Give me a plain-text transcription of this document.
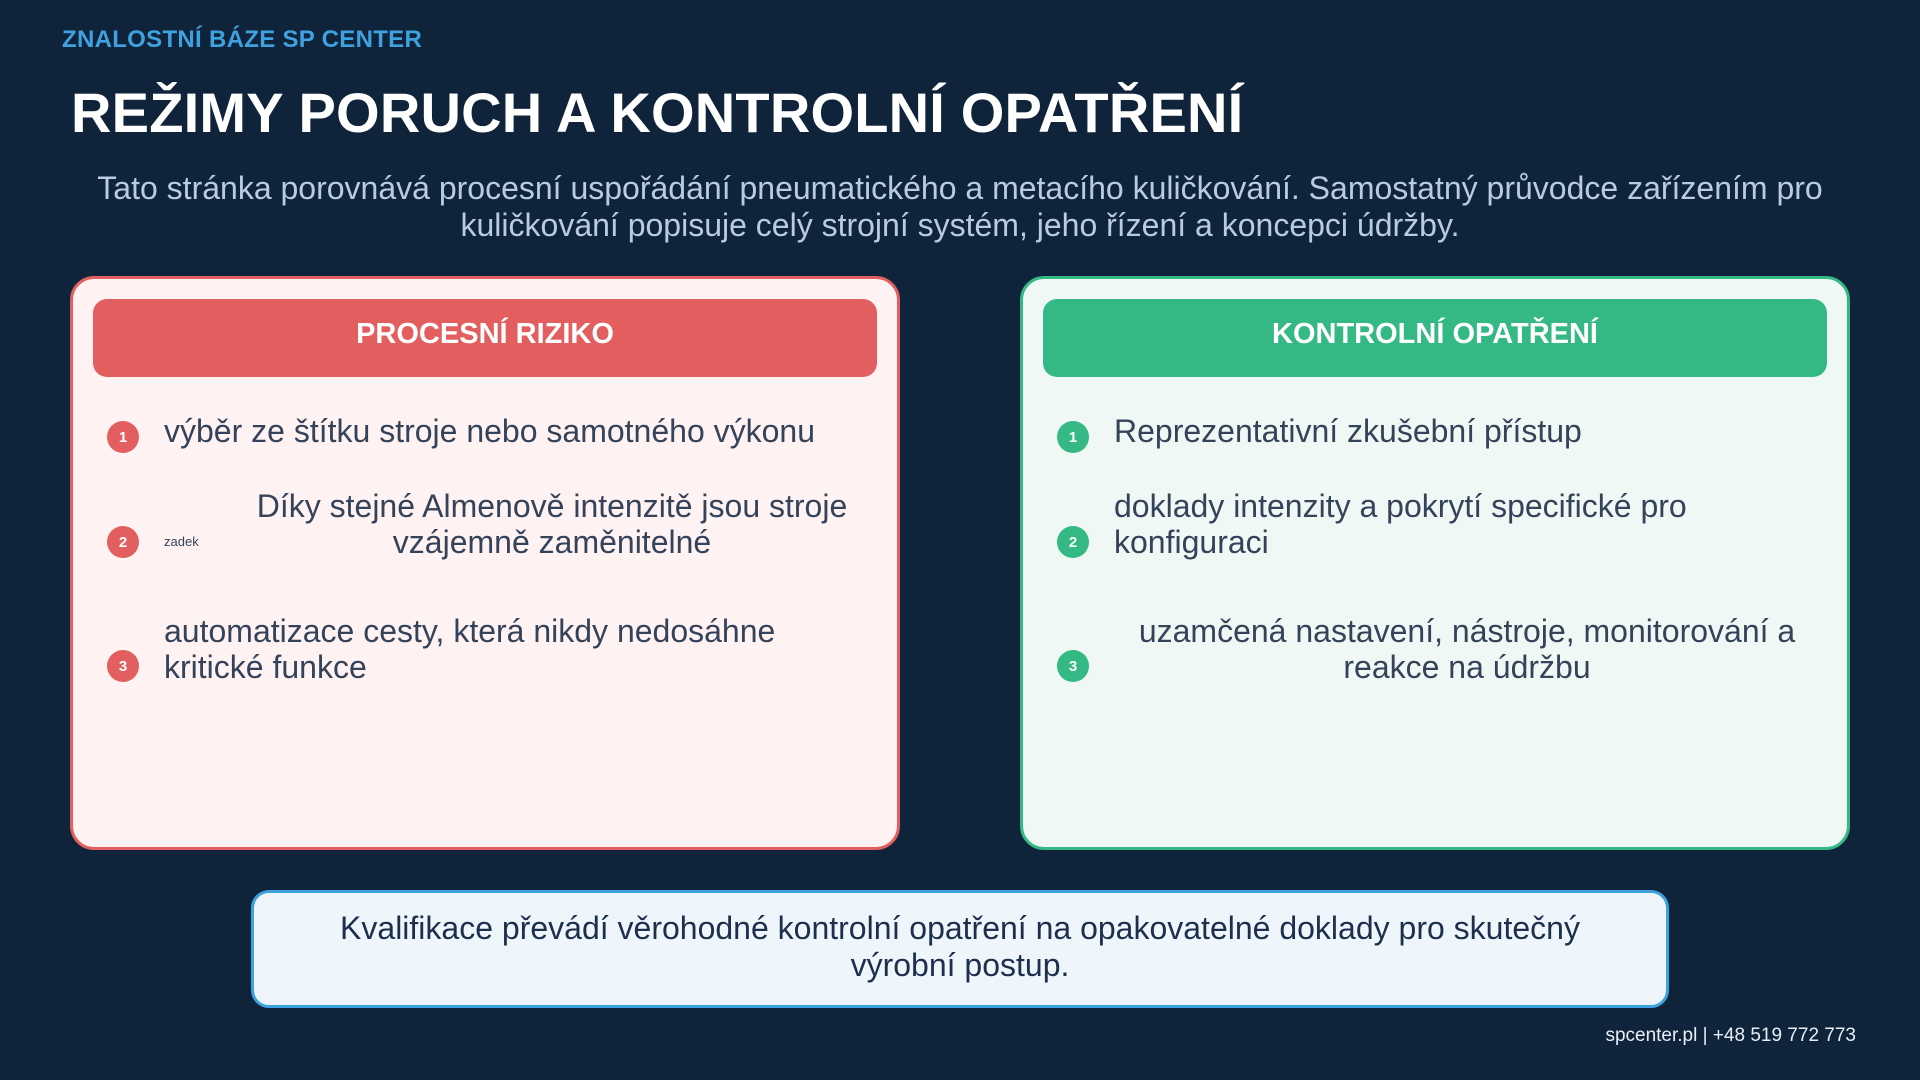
ZNALOSTNÍ BÁZE SP CENTER
REŽIMY PORUCH A KONTROLNÍ OPATŘENÍ

Tato stránka porovnává procesní uspořádání pneumatického a metacího kuličkování. Samostatný průvodce zařízením pro kuličkování popisuje celý strojní systém, jeho řízení a koncepci údržby.

PROCESNÍ RIZIKO
1	výběr ze štítku stroje nebo samotného výkonu
2	zadek
Díky stejné Almenově intenzitě jsou stroje vzájemně zaměnitelné
3
automatizace cesty, která nikdy nedosáhne kritické funkce
KONTROLNÍ OPATŘENÍ
1	Reprezentativní zkušební přístup
2
doklady intenzity a pokrytí specifické pro konfiguraci
3
uzamčená nastavení, nástroje, monitorování a reakce na údržbu
Kvalifikace převádí věrohodné kontrolní opatření na opakovatelné doklady pro skutečný výrobní postup.
spcenter.pl | +48 519 772 773
